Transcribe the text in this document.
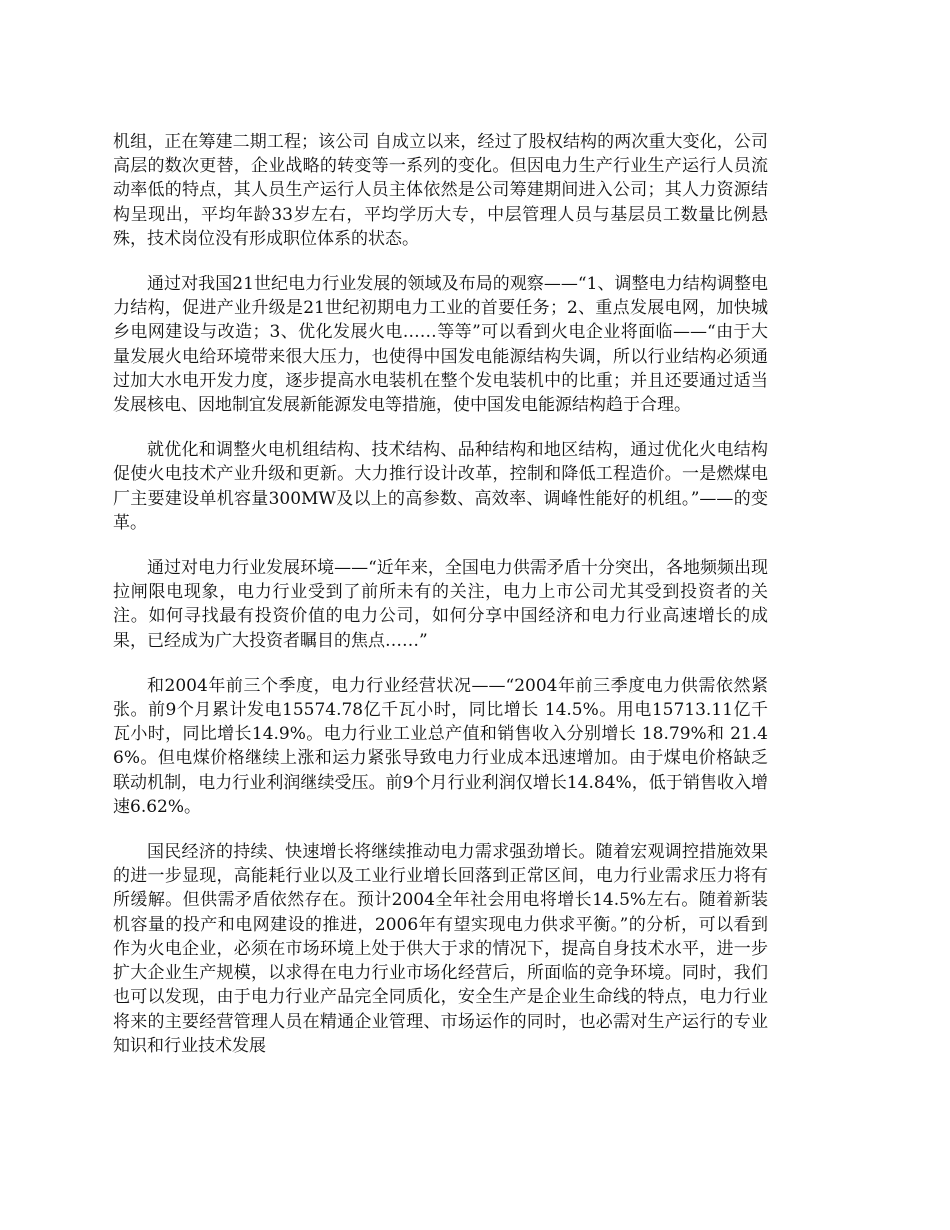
机组，正在筹建二期工程；该公司 自成立以来，经过了股权结构的两次重大变化，公司高层的数次更替，企业战略的转变等一系列的变化。但因电力生产行业生产运行人员流动率低的特点，其人员生产运行人员主体依然是公司筹建期间进入公司；其人力资源结构呈现出，平均年龄33岁左右，平均学历大专，中层管理人员与基层员工数量比例悬殊，技术岗位没有形成职位体系的状态。

通过对我国21世纪电力行业发展的领域及布局的观察——“1、调整电力结构调整电力结构，促进产业升级是21世纪初期电力工业的首要任务；2、重点发展电网，加快城乡电网建设与改造；3、优化发展火电……等等”可以看到火电企业将面临——“由于大量发展火电给环境带来很大压力，也使得中国发电能源结构失调，所以行业结构必须通过加大水电开发力度，逐步提高水电装机在整个发电装机中的比重；并且还要通过适当发展核电、因地制宜发展新能源发电等措施，使中国发电能源结构趋于合理。

就优化和调整火电机组结构、技术结构、品种结构和地区结构，通过优化火电结构促使火电技术产业升级和更新。大力推行设计改革，控制和降低工程造价。一是燃煤电厂主要建设单机容量300MW及以上的高参数、高效率、调峰性能好的机组。”——的变革。

通过对电力行业发展环境——“近年来，全国电力供需矛盾十分突出，各地频频出现拉闸限电现象，电力行业受到了前所未有的关注，电力上市公司尤其受到投资者的关注。如何寻找最有投资价值的电力公司，如何分享中国经济和电力行业高速增长的成果，已经成为广大投资者瞩目的焦点……”

和2004年前三个季度，电力行业经营状况——“2004年前三季度电力供需依然紧张。前9个月累计发电15574.78亿千瓦小时，同比增长 14.5%。用电15713.11亿千瓦小时，同比增长14.9%。电力行业工业总产值和销售收入分别增长 18.79%和 21.46%。但电煤价格继续上涨和运力紧张导致电力行业成本迅速增加。由于煤电价格缺乏联动机制，电力行业利润继续受压。前9个月行业利润仅增长14.84%，低于销售收入增速6.62%。

国民经济的持续、快速增长将继续推动电力需求强劲增长。随着宏观调控措施效果的进一步显现，高能耗行业以及工业行业增长回落到正常区间，电力行业需求压力将有所缓解。但供需矛盾依然存在。预计2004全年社会用电将增长14.5%左右。随着新装机容量的投产和电网建设的推进，2006年有望实现电力供求平衡。”的分析，可以看到作为火电企业，必须在市场环境上处于供大于求的情况下，提高自身技术水平，进一步扩大企业生产规模，以求得在电力行业市场化经营后，所面临的竞争环境。同时，我们也可以发现，由于电力行业产品完全同质化，安全生产是企业生命线的特点，电力行业将来的主要经营管理人员在精通企业管理、市场运作的同时，也必需对生产运行的专业知识和行业技术发展
